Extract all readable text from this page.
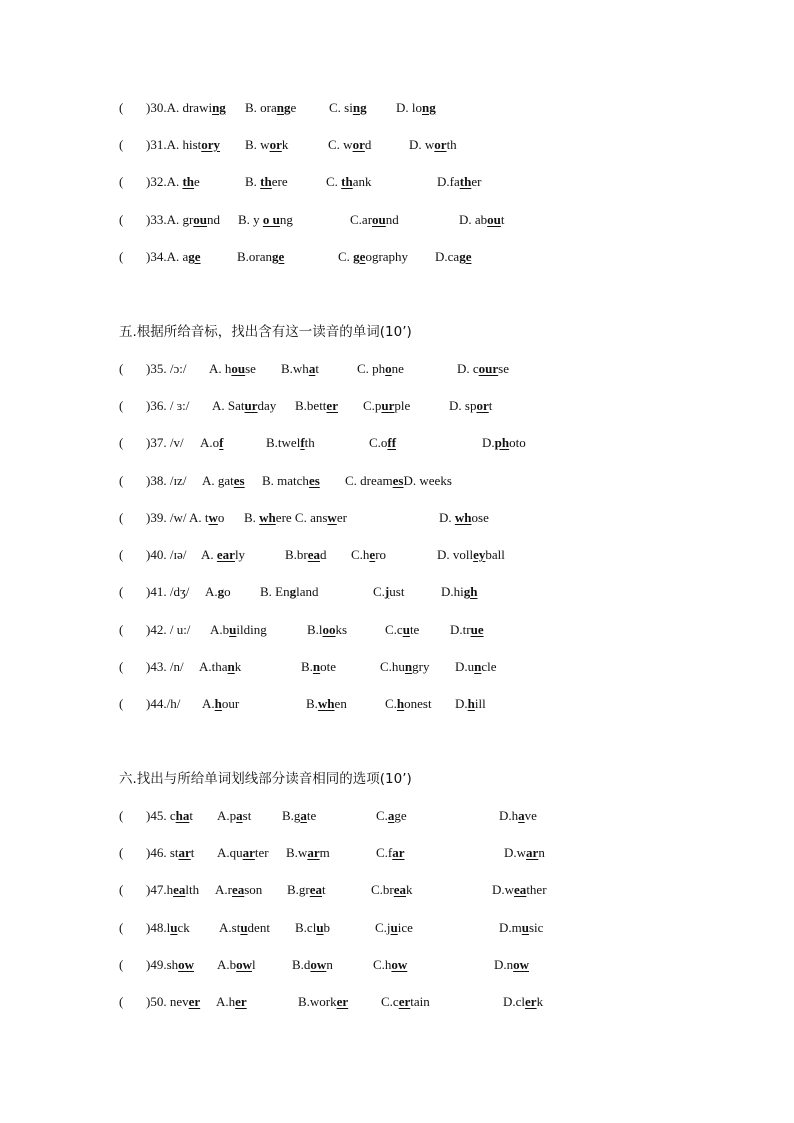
( )30.A. drawing B. orange	C. sing D. long
( )31.A. history B. work	C. word	D. worth
( )32.A. the	B. there	C. thank	D.father
( )33.A. ground B. y o ung	C.around	D. about
( )34.A. age	B.orange	C. geography D.cage
( )35. /ɔ:/ A. house B.what	C. phone	D. course
( )36. / ɜ:/ A. Saturday B.better C.purple	D. sport
( )37. /v/ A.of	B.twelfth	C.off	D.photo
( )38. /ɪz/ A. gates B. matches C. dreamesD. weeks
( )39. /w/ A. two B. where C. answer	D. whose
( )40. /ɪə/ A. early	B.bread C.hero	D. volleyball
( )41. /dʒ/ A.go B. England	C.just	D.high
( )42. / u:/ A.building	B.looks	C.cute D.true
( )43. /n/ A.thank	B.note	C.hungry D.uncle
( )44./h/ A.hour	B.when	C.honest D.hill
( )45. chat A.past B.gate	C.age	D.have
( )46. start A.quarter B.warm	C.far	D.warn
( )47.health A.reason B.great	C.break	D.weather
( )48.luck A.student B.club	C.juice	D.music
( )49.show A.bowl	B.down	C.how	D.now
( )50. never A.her	B.worker	C.certain	D.clerk
五.根据所给音标，找出含有这一读音的单词(10’)
六.找出与所给单词划线部分读音相同的选项(10’)
